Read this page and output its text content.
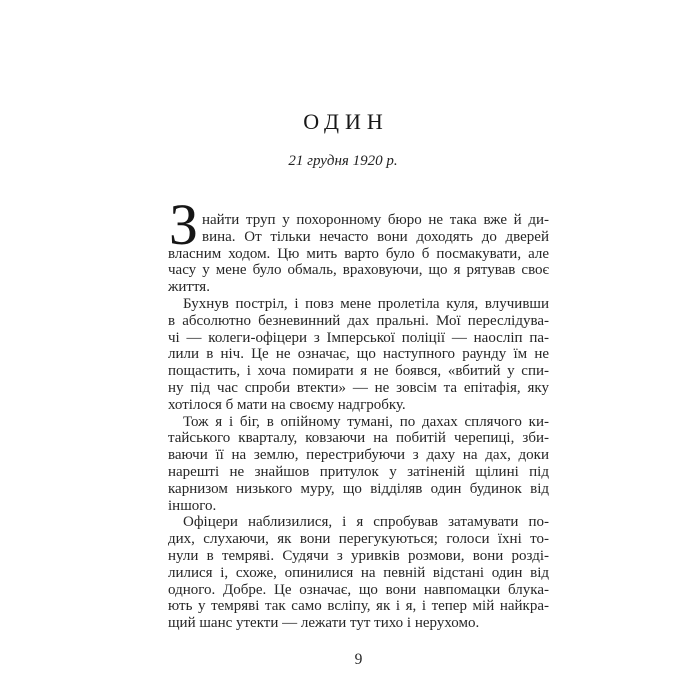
ОДИН
21 грудня 1920 р.
З найти труп у похоронному бюро не така вже й ди-
вина. От тільки нечасто вони доходять до дверей
власним ходом. Цю мить варто було б посмакувати, але
часу у мене було обмаль, враховуючи, що я рятував своє
життя.
Бухнув постріл, і повз мене пролетіла куля, влучивши
в абсолютно безневинний дах пральні. Мої переслідува-
чі — колеги-офіцери з Імперської поліції — наосліп па-
лили в ніч. Це не означає, що наступного раунду їм не
пощастить, і хоча помирати я не боявся, «вбитий у спи-
ну під час спроби втекти» — не зовсім та епітафія, яку
хотілося б мати на своєму надгробку.
Тож я і біг, в опійному тумані, по дахах сплячого ки-
тайського кварталу, ковзаючи на побитій черепиці, зби-
ваючи її на землю, перестрибуючи з даху на дах, доки
нарешті не знайшов притулок у затіненій щілині під
карнизом низького муру, що відділяв один будинок від
іншого.
Офіцери наблизилися, і я спробував затамувати по-
дих, слухаючи, як вони перегукуються; голоси їхні то-
нули в темряві. Судячи з уривків розмови, вони розді-
лилися і, схоже, опинилися на певній відстані один від
одного. Добре. Це означає, що вони навпомацки блука-
ють у темряві так само всліпу, як і я, і тепер мій найкра-
щий шанс утекти — лежати тут тихо і нерухомо.
9
